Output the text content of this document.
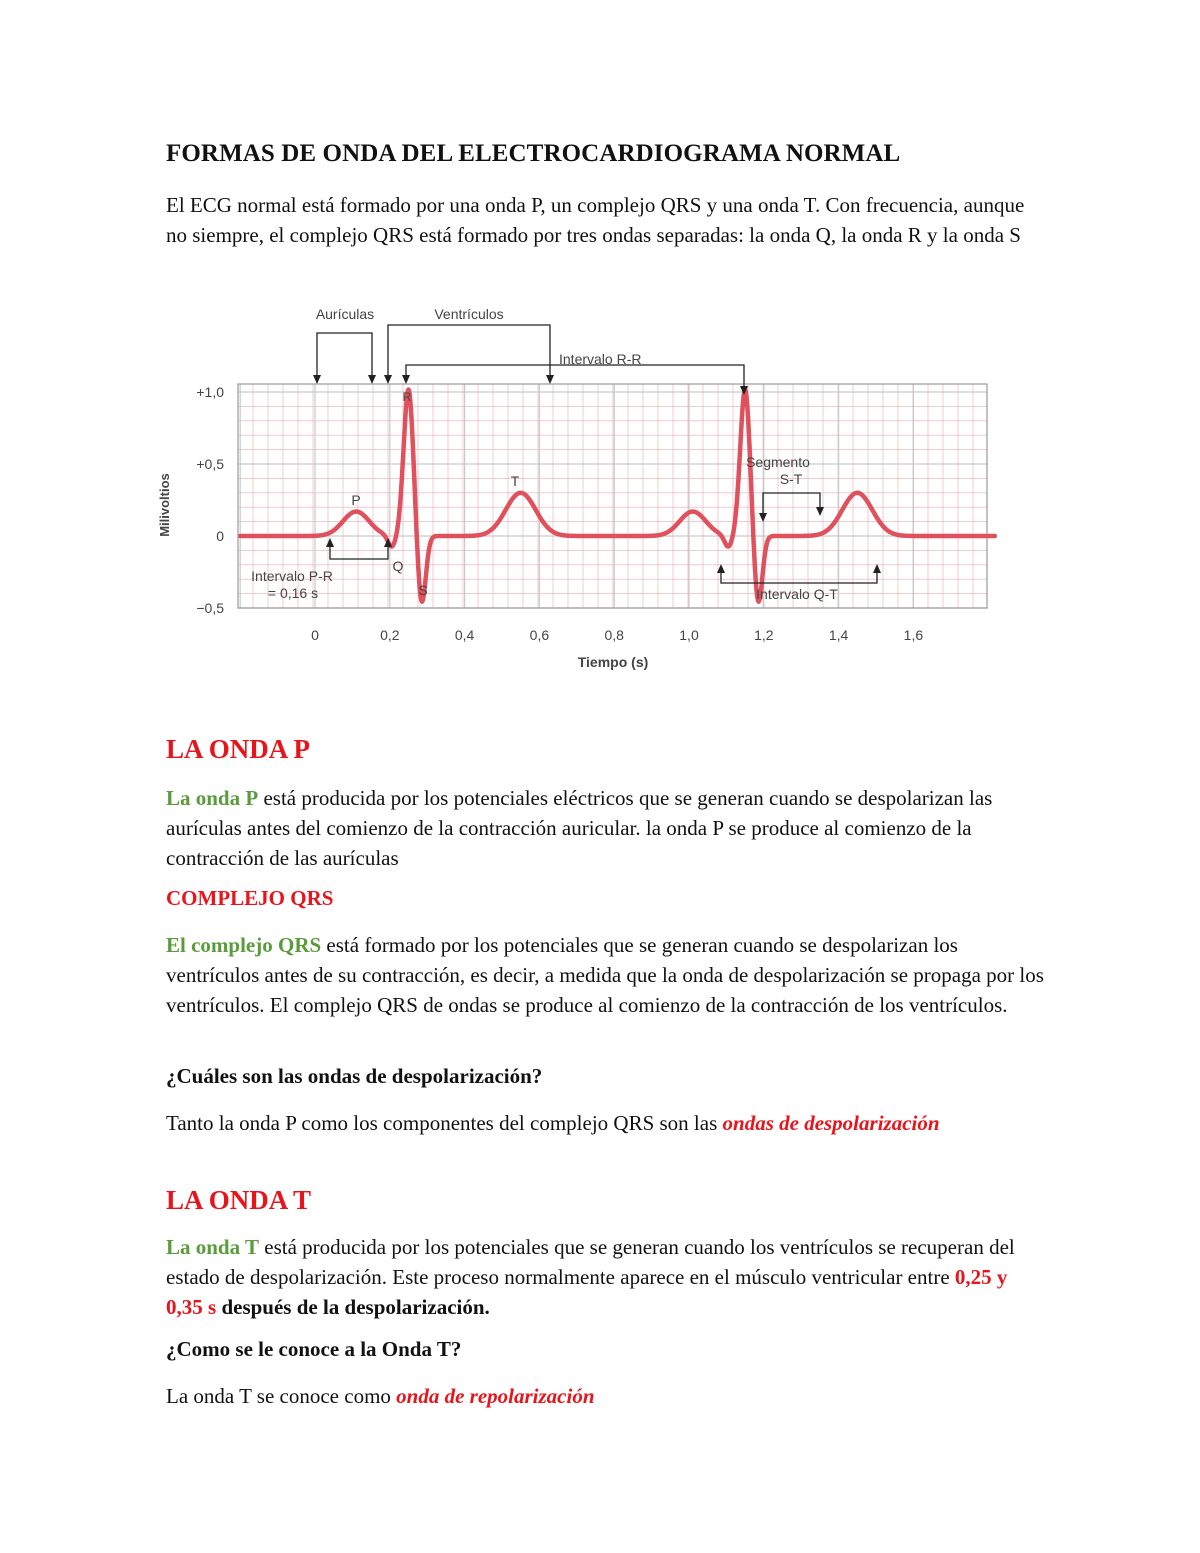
FORMAS DE ONDA DEL ELECTROCARDIOGRAMA NORMAL

El ECG normal está formado por una onda P, un complejo QRS y una onda T. Con frecuencia, aunque no siempre, el complejo QRS está formado por tres ondas separadas: la onda Q, la onda R y la onda S

Milivoltios
Tiempo (s)
+1,0
+0,5
0
−0,5
0	0,2	0,4	0,6	0,8	1,0	1,2	1,4	1,6
Aurículas	Ventrículos
Intervalo R-R
Segmento
S-T
Intervalo P-R
= 0,16 s	Intervalo Q-T
P
Q
R
S
T
LA ONDA P

La onda P está producida por los potenciales eléctricos que se generan cuando se despolarizan las aurículas antes del comienzo de la contracción auricular. la onda P se produce al comienzo de la contracción de las aurículas

COMPLEJO QRS

El complejo QRS está formado por los potenciales que se generan cuando se despolarizan los ventrículos antes de su contracción, es decir, a medida que la onda de despolarización se propaga por los ventrículos. El complejo QRS de ondas se produce al comienzo de la contracción de los ventrículos.

¿Cuáles son las ondas de despolarización?

Tanto la onda P como los componentes del complejo QRS son las ondas de despolarización

LA ONDA T

La onda T está producida por los potenciales que se generan cuando los ventrículos se recuperan del estado de despolarización. Este proceso normalmente aparece en el músculo ventricular entre 0,25 y 0,35 s después de la despolarización.

¿Como se le conoce a la Onda T?

La onda T se conoce como onda de repolarización
